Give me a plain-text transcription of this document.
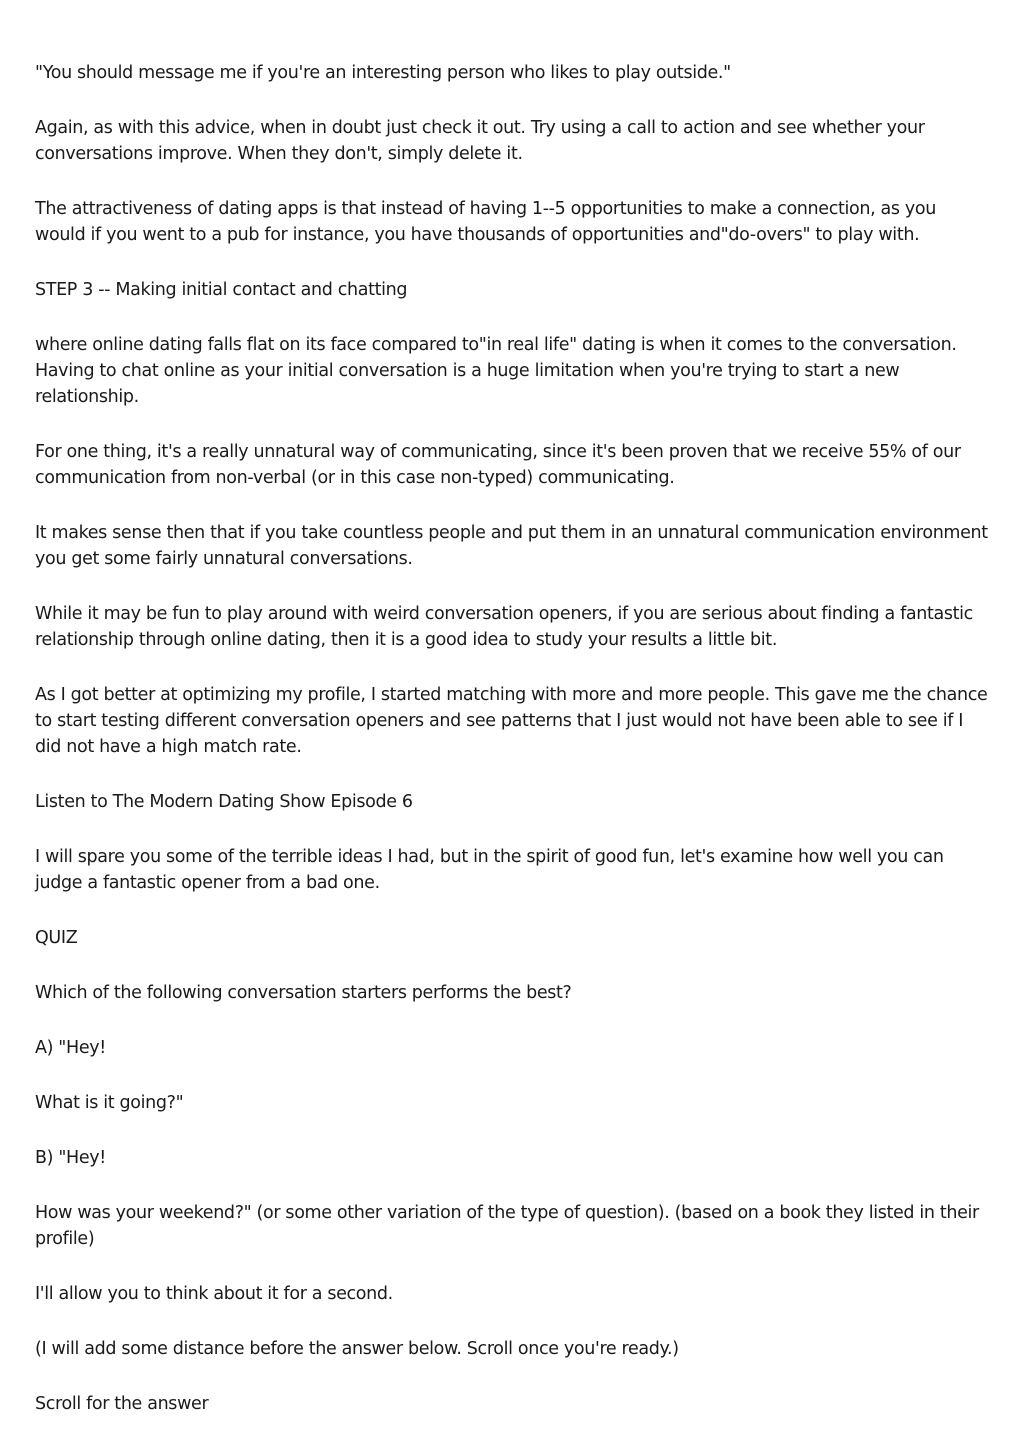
"You should message me if you're an interesting person who likes to play outside."

Again, as with this advice, when in doubt just check it out. Try using a call to action and see whether your conversations improve. When they don't, simply delete it.

The attractiveness of dating apps is that instead of having 1--5 opportunities to make a connection, as you would if you went to a pub for instance, you have thousands of opportunities and"do-overs" to play with.

STEP 3 -- Making initial contact and chatting

where online dating falls flat on its face compared to"in real life" dating is when it comes to the conversation. Having to chat online as your initial conversation is a huge limitation when you're trying to start a new relationship.

For one thing, it's a really unnatural way of communicating, since it's been proven that we receive 55% of our communication from non-verbal (or in this case non-typed) communicating.

It makes sense then that if you take countless people and put them in an unnatural communication environment you get some fairly unnatural conversations.

While it may be fun to play around with weird conversation openers, if you are serious about finding a fantastic relationship through online dating, then it is a good idea to study your results a little bit.

As I got better at optimizing my profile, I started matching with more and more people. This gave me the chance to start testing different conversation openers and see patterns that I just would not have been able to see if I did not have a high match rate.

Listen to The Modern Dating Show Episode 6

I will spare you some of the terrible ideas I had, but in the spirit of good fun, let's examine how well you can judge a fantastic opener from a bad one.

QUIZ

Which of the following conversation starters performs the best?

A) "Hey!

What is it going?"

B) "Hey!

How was your weekend?" (or some other variation of the type of question). (based on a book they listed in their profile)

I'll allow you to think about it for a second.

(I will add some distance before the answer below. Scroll once you're ready.)

Scroll for the answer
